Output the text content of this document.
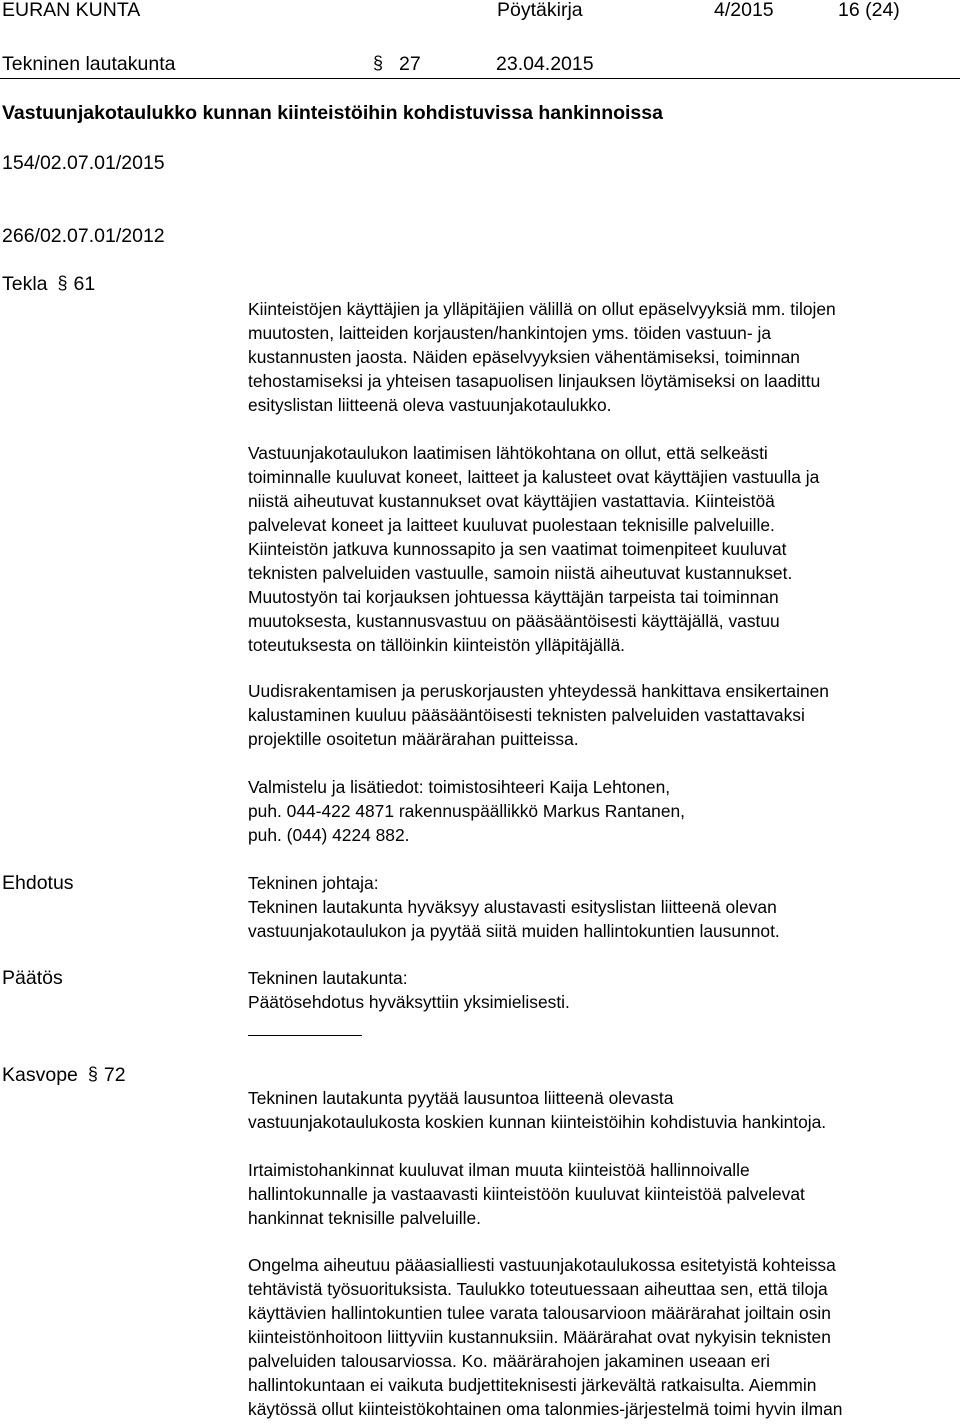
EURAN KUNTA	Pöytäkirja	4/2015	16 (24)
Tekninen lautakunta	§ 27	23.04.2015
Vastuunjakotaulukko kunnan kiinteistöihin kohdistuvissa hankinnoissa
154/02.07.01/2015
266/02.07.01/2012
Tekla § 61
Kiinteistöjen käyttäjien ja ylläpitäjien välillä on ollut epäselvyyksiä mm. tilojen
muutosten, laitteiden korjausten/hankintojen yms. töiden vastuun- ja
kustannusten jaosta. Näiden epäselvyyksien vähentämiseksi, toiminnan
tehostamiseksi ja yhteisen tasapuolisen linjauksen löytämiseksi on laadittu
esityslistan liitteenä oleva vastuunjakotaulukko.
Vastuunjakotaulukon laatimisen lähtökohtana on ollut, että selkeästi
toiminnalle kuuluvat koneet, laitteet ja kalusteet ovat käyttäjien vastuulla ja
niistä aiheutuvat kustannukset ovat käyttäjien vastattavia. Kiinteistöä
palvelevat koneet ja laitteet kuuluvat puolestaan teknisille palveluille.
Kiinteistön jatkuva kunnossapito ja sen vaatimat toimenpiteet kuuluvat
teknisten palveluiden vastuulle, samoin niistä aiheutuvat kustannukset.
Muutostyön tai korjauksen johtuessa käyttäjän tarpeista tai toiminnan
muutoksesta, kustannusvastuu on pääsääntöisesti käyttäjällä, vastuu
toteutuksesta on tällöinkin kiinteistön ylläpitäjällä.
Uudisrakentamisen ja peruskorjausten yhteydessä hankittava ensikertainen
kalustaminen kuuluu pääsääntöisesti teknisten palveluiden vastattavaksi
projektille osoitetun määrärahan puitteissa.
Valmistelu ja lisätiedot: toimistosihteeri Kaija Lehtonen,
puh. 044-422 4871 rakennuspäällikkö Markus Rantanen,
puh. (044) 4224 882.
Ehdotus	Tekninen johtaja:
Tekninen lautakunta hyväksyy alustavasti esityslistan liitteenä olevan
vastuunjakotaulukon ja pyytää siitä muiden hallintokuntien lausunnot.
Päätös	Tekninen lautakunta:
Päätösehdotus hyväksyttiin yksimielisesti.
Kasvope § 72
Tekninen lautakunta pyytää lausuntoa liitteenä olevasta
vastuunjakotaulukosta koskien kunnan kiinteistöihin kohdistuvia hankintoja.
Irtaimistohankinnat kuuluvat ilman muuta kiinteistöä hallinnoivalle
hallintokunnalle ja vastaavasti kiinteistöön kuuluvat kiinteistöä palvelevat
hankinnat teknisille palveluille.
Ongelma aiheutuu pääasialliesti vastuunjakotaulukossa esitetyistä kohteissa
tehtävistä työsuorituksista. Taulukko toteutuessaan aiheuttaa sen, että tiloja
käyttävien hallintokuntien tulee varata talousarvioon määrärahat joiltain osin
kiinteistönhoitoon liittyviin kustannuksiin. Määrärahat ovat nykyisin teknisten
palveluiden talousarviossa. Ko. määrärahojen jakaminen useaan eri
hallintokuntaan ei vaikuta budjettiteknisesti järkevältä ratkaisulta. Aiemmin
käytössä ollut kiinteistökohtainen oma talonmies-järjestelmä toimi hyvin ilman
